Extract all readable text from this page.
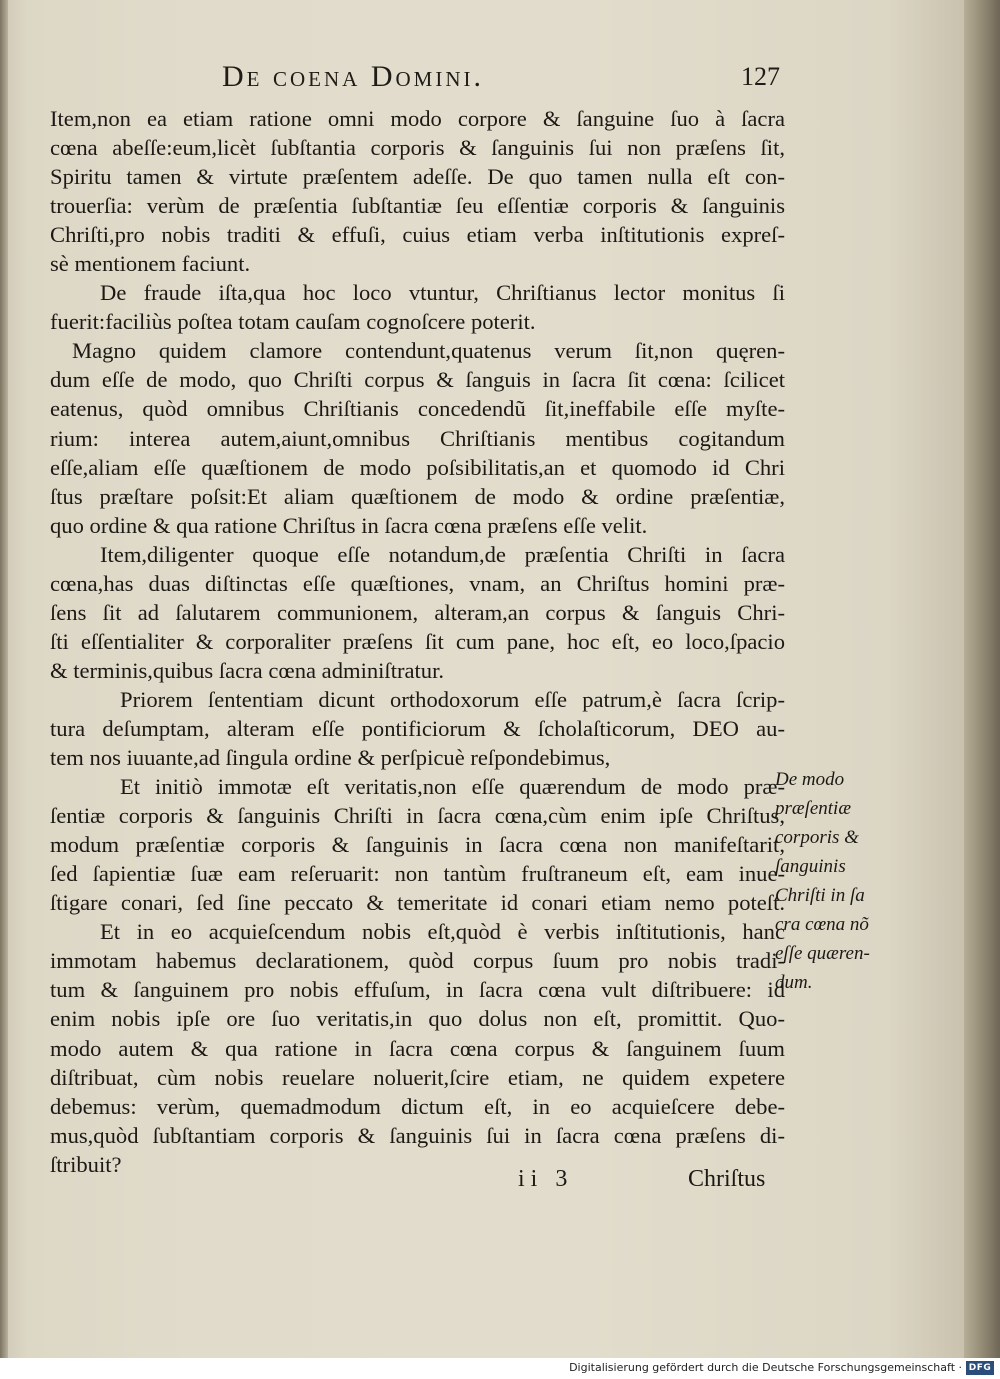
De coena Domini.	127
Item,non ea etiam ratione omni modo corpore & ſanguine ſuo à ſacra
cœna abeſſe:eum,licèt ſubſtantia corporis & ſanguinis ſui non præſens ſit,
Spiritu tamen & virtute præſentem adeſſe. De quo tamen nulla eſt con-
trouerſia: verùm de præſentia ſubſtantiæ ſeu eſſentiæ corporis & ſanguinis
Chriſti,pro nobis traditi & effuſi, cuius etiam verba inſtitutionis expreſ-
sè mentionem faciunt.
De fraude iſta,qua hoc loco vtuntur, Chriſtianus lector monitus ſi
fuerit:faciliùs poſtea totam cauſam cognoſcere poterit.
Magno quidem clamore contendunt,quatenus verum ſit,non quęren-
dum eſſe de modo, quo Chriſti corpus & ſanguis in ſacra ſit cœna: ſcilicet
eatenus, quòd omnibus Chriſtianis concedendũ ſit,ineffabile eſſe myſte-
rium: interea autem,aiunt,omnibus Chriſtianis mentibus cogitandum
eſſe,aliam eſſe quæſtionem de modo poſsibilitatis,an et quomodo id Chri
ſtus præſtare poſsit:Et aliam quæſtionem de modo & ordine præſentiæ,
quo ordine & qua ratione Chriſtus in ſacra cœna præſens eſſe velit.
Item,diligenter quoque eſſe notandum,de præſentia Chriſti in ſacra
cœna,has duas diſtinctas eſſe quæſtiones, vnam, an Chriſtus homini præ-
ſens ſit ad ſalutarem communionem, alteram,an corpus & ſanguis Chri-
ſti eſſentialiter & corporaliter præſens ſit cum pane, hoc eſt, eo loco,ſpacio
& terminis,quibus ſacra cœna adminiſtratur.
Priorem ſententiam dicunt orthodoxorum eſſe patrum,è ſacra ſcrip-
tura deſumptam, alteram eſſe pontificiorum & ſcholaſticorum, DEO au-
tem nos iuuante,ad ſingula ordine & perſpicuè reſpondebimus,
Et initiò immotæ eſt veritatis,non eſſe quærendum de modo præ-
ſentiæ corporis & ſanguinis Chriſti in ſacra cœna,cùm enim ipſe Chriſtus,
modum præſentiæ corporis & ſanguinis in ſacra cœna non manifeſtarit,
ſed ſapientiæ ſuæ eam reſeruarit: non tantùm fruſtraneum eſt, eam inue-
ſtigare conari, ſed ſine peccato & temeritate id conari etiam nemo poteſt.
Et in eo acquieſcendum nobis eſt,quòd è verbis inſtitutionis, hanc
immotam habemus declarationem, quòd corpus ſuum pro nobis tradi-
tum & ſanguinem pro nobis effuſum, in ſacra cœna vult diſtribuere: id
enim nobis ipſe ore ſuo veritatis,in quo dolus non eſt, promittit. Quo-
modo autem & qua ratione in ſacra cœna corpus & ſanguinem ſuum
diſtribuat, cùm nobis reuelare noluerit,ſcire etiam, ne quidem expetere
debemus: verùm, quemadmodum dictum eſt, in eo acquieſcere debe-
mus,quòd ſubſtantiam corporis & ſanguinis ſui in ſacra cœna præſens di-
ſtribuit?
De modo
præſentiæ
corporis &
ſanguinis
Chriſti in ſa
cra cœna nõ
eſſe quæren-
dum.
ii 3	Chriſtus
Digitalisierung gefördert durch die Deutsche Forschungsgemeinschaft · DFG
